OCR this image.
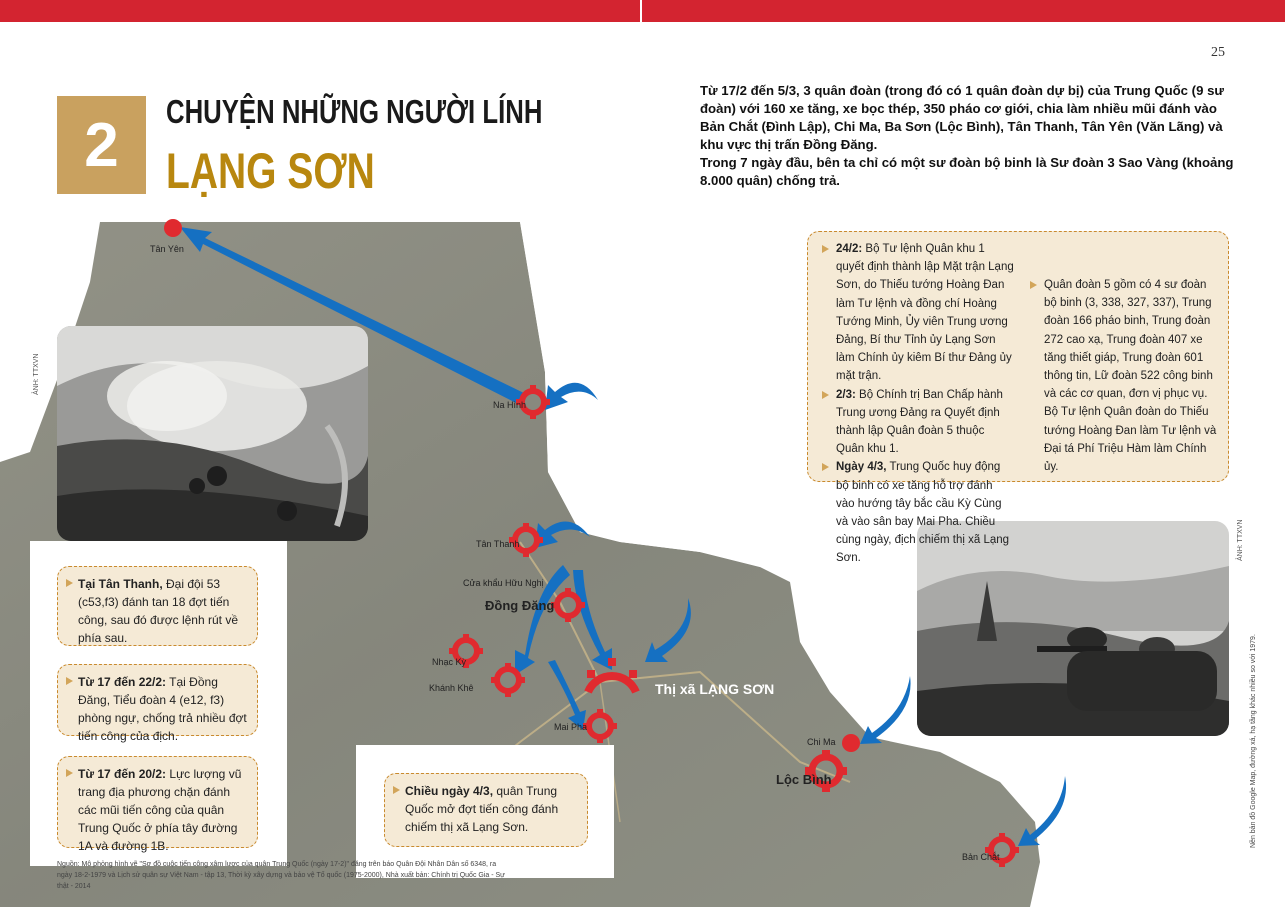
25
2	CHUYỆN NHỮNG NGƯỜI LÍNH
LẠNG SƠN

Từ 17/2 đến 5/3, 3 quân đoàn (trong đó có 1 quân đoàn dự bị) của Trung Quốc (9 sư đoàn) với 160 xe tăng, xe bọc thép, 350 pháo cơ giới, chia làm nhiều mũi đánh vào Bản Chắt (Đình Lập), Chi Ma, Ba Sơn (Lộc Bình), Tân Thanh, Tân Yên (Văn Lãng) và khu vực thị trấn Đồng Đăng.

Trong 7 ngày đầu, bên ta chỉ có một sư đoàn bộ binh là Sư đoàn 3 Sao Vàng (khoảng 8.000 quân) chống trả.

ẢNH: TTXVN
ẢNH: TTXVN
24/2: Bộ Tư lệnh Quân khu 1 quyết định thành lập Mặt trận Lạng Sơn, do Thiếu tướng Hoàng Đan làm Tư lệnh và đồng chí Hoàng Tướng Minh, Ủy viên Trung ương Đảng, Bí thư Tỉnh ủy Lạng Sơn làm Chính ủy kiêm Bí thư Đảng ủy mặt trận.
2/3: Bộ Chính trị Ban Chấp hành Trung ương Đảng ra Quyết định thành lập Quân đoàn 5 thuộc Quân khu 1.
Ngày 4/3, Trung Quốc huy động bộ binh có xe tăng hỗ trợ đánh vào hướng tây bắc cầu Kỳ Cùng và vào sân bay Mai Pha. Chiều cùng ngày, địch chiếm thị xã Lạng Sơn.
Quân đoàn 5 gồm có 4 sư đoàn bộ binh (3, 338, 327, 337), Trung đoàn 166 pháo binh, Trung đoàn 272 cao xạ, Trung đoàn 407 xe tăng thiết giáp, Trung đoàn 601 thông tin, Lữ đoàn 522 công binh và các cơ quan, đơn vị phục vụ. Bộ Tư lệnh Quân đoàn do Thiếu tướng Hoàng Đan làm Tư lệnh và Đại tá Phí Triệu Hàm làm Chính ủy.
Tại Tân Thanh, Đại đội 53 (c53,f3) đánh tan 18 đợt tiến công, sau đó được lệnh rút về phía sau.
Từ 17 đến 22/2: Tại Đồng Đăng, Tiểu đoàn 4 (e12, f3) phòng ngự, chống trả nhiều đợt tiến công của địch.
Từ 17 đến 20/2: Lực lượng vũ trang địa phương chặn đánh các mũi tiến công của quân Trung Quốc ở phía tây đường 1A và đường 1B.
Chiều ngày 4/3, quân Trung Quốc mở đợt tiến công đánh chiếm thị xã Lạng Sơn.
Tân Yên
Na Hình
Tân Thanh
Cửa khẩu Hữu Nghị
Đồng Đăng
Nhạc Kỳ
Khánh Khê
Mai Pha
Thị xã LẠNG SƠN
Chi Ma
Lộc Bình
Bản Chắt
Nguồn: Mô phỏng hình vẽ "Sơ đồ cuộc tiến công xâm lược của quân Trung Quốc (ngày 17-2)" đăng trên báo Quân Đội Nhân Dân số 6348, ra ngày 18-2-1979 và Lịch sử quân sự Việt Nam - tập 13, Thời kỳ xây dựng và bảo vệ Tổ quốc (1975-2000), Nhà xuất bản: Chính trị Quốc Gia - Sự thật - 2014
Nền bản đồ Google Map, đường xá, hạ tầng khác nhiều so với 1979.
